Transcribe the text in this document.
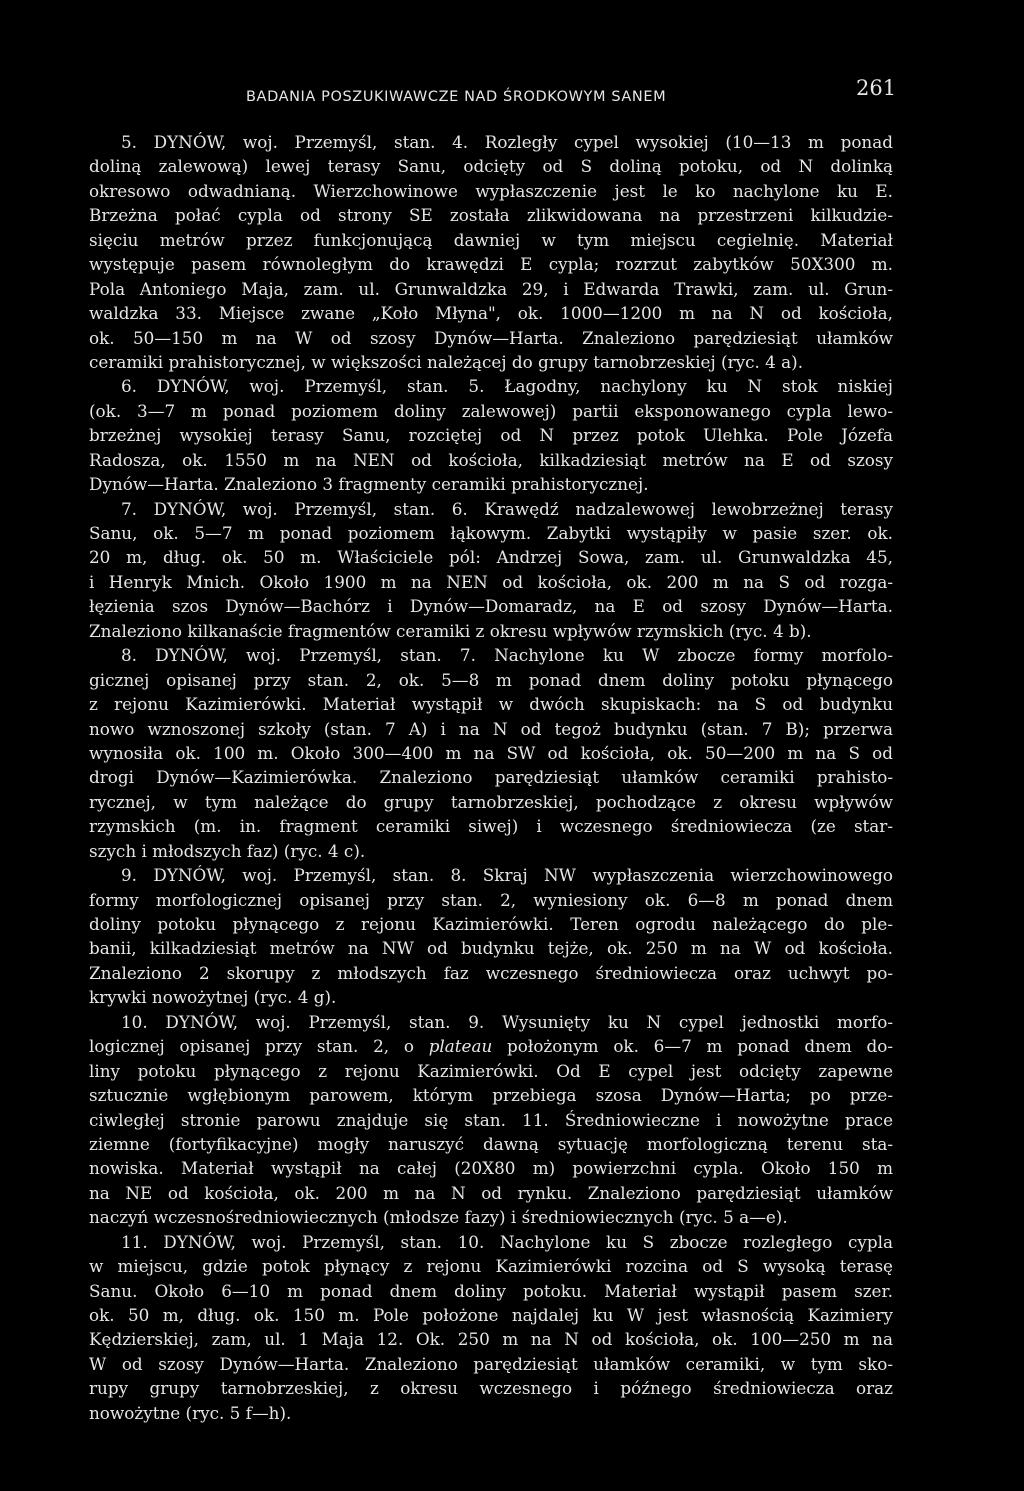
BADANIA POSZUKIWAWCZE NAD ŚRODKOWYM SANEM	261
5. DYNÓW, woj. Przemyśl, stan. 4. Rozległy cypel wysokiej (10—13 m ponad
doliną zalewową) lewej terasy Sanu, odcięty od S doliną potoku, od N dolinką
okresowo odwadnianą. Wierzchowinowe wypłaszczenie jest le ko nachylone ku E.
Brzeżna połać cypla od strony SE została zlikwidowana na przestrzeni kilkudzie-
sięciu metrów przez funkcjonującą dawniej w tym miejscu cegielnię. Materiał
występuje pasem równoległym do krawędzi E cypla; rozrzut zabytków 50X300 m.
Pola Antoniego Maja, zam. ul. Grunwaldzka 29, i Edwarda Trawki, zam. ul. Grun-
waldzka 33. Miejsce zwane „Koło Młyna", ok. 1000—1200 m na N od kościoła,
ok. 50—150 m na W od szosy Dynów—Harta. Znaleziono parędziesiąt ułamków
ceramiki prahistorycznej, w większości należącej do grupy tarnobrzeskiej (ryc. 4 a).
6. DYNÓW, woj. Przemyśl, stan. 5. Łagodny, nachylony ku N stok niskiej
(ok. 3—7 m ponad poziomem doliny zalewowej) partii eksponowanego cypla lewo-
brzeżnej wysokiej terasy Sanu, rozciętej od N przez potok Ulehka. Pole Józefa
Radosza, ok. 1550 m na NEN od kościoła, kilkadziesiąt metrów na E od szosy
Dynów—Harta. Znaleziono 3 fragmenty ceramiki prahistorycznej.
7. DYNÓW, woj. Przemyśl, stan. 6. Krawędź nadzalewowej lewobrzeżnej terasy
Sanu, ok. 5—7 m ponad poziomem łąkowym. Zabytki wystąpiły w pasie szer. ok.
20 m, dług. ok. 50 m. Właściciele pól: Andrzej Sowa, zam. ul. Grunwaldzka 45,
i Henryk Mnich. Około 1900 m na NEN od kościoła, ok. 200 m na S od rozga-
łęzienia szos Dynów—Bachórz i Dynów—Domaradz, na E od szosy Dynów—Harta.
Znaleziono kilkanaście fragmentów ceramiki z okresu wpływów rzymskich (ryc. 4 b).
8. DYNÓW, woj. Przemyśl, stan. 7. Nachylone ku W zbocze formy morfolo-
gicznej opisanej przy stan. 2, ok. 5—8 m ponad dnem doliny potoku płynącego
z rejonu Kazimierówki. Materiał wystąpił w dwóch skupiskach: na S od budynku
nowo wznoszonej szkoły (stan. 7 A) i na N od tegoż budynku (stan. 7 B); przerwa
wynosiła ok. 100 m. Około 300—400 m na SW od kościoła, ok. 50—200 m na S od
drogi Dynów—Kazimierówka. Znaleziono parędziesiąt ułamków ceramiki prahisto-
rycznej, w tym należące do grupy tarnobrzeskiej, pochodzące z okresu wpływów
rzymskich (m. in. fragment ceramiki siwej) i wczesnego średniowiecza (ze star-
szych i młodszych faz) (ryc. 4 c).
9. DYNÓW, woj. Przemyśl, stan. 8. Skraj NW wypłaszczenia wierzchowinowego
formy morfologicznej opisanej przy stan. 2, wyniesiony ok. 6—8 m ponad dnem
doliny potoku płynącego z rejonu Kazimierówki. Teren ogrodu należącego do ple-
banii, kilkadziesiąt metrów na NW od budynku tejże, ok. 250 m na W od kościoła.
Znaleziono 2 skorupy z młodszych faz wczesnego średniowiecza oraz uchwyt po-
krywki nowożytnej (ryc. 4 g).
10. DYNÓW, woj. Przemyśl, stan. 9. Wysunięty ku N cypel jednostki morfo-
logicznej opisanej przy stan. 2, o plateau położonym ok. 6—7 m ponad dnem do-
liny potoku płynącego z rejonu Kazimierówki. Od E cypel jest odcięty zapewne
sztucznie wgłębionym parowem, którym przebiega szosa Dynów—Harta; po prze-
ciwległej stronie parowu znajduje się stan. 11. Średniowieczne i nowożytne prace
ziemne (fortyfikacyjne) mogły naruszyć dawną sytuację morfologiczną terenu sta-
nowiska. Materiał wystąpił na całej (20X80 m) powierzchni cypla. Około 150 m
na NE od kościoła, ok. 200 m na N od rynku. Znaleziono parędziesiąt ułamków
naczyń wczesnośredniowiecznych (młodsze fazy) i średniowiecznych (ryc. 5 a—e).
11. DYNÓW, woj. Przemyśl, stan. 10. Nachylone ku S zbocze rozległego cypla
w miejscu, gdzie potok płynący z rejonu Kazimierówki rozcina od S wysoką terasę
Sanu. Około 6—10 m ponad dnem doliny potoku. Materiał wystąpił pasem szer.
ok. 50 m, dług. ok. 150 m. Pole położone najdalej ku W jest własnością Kazimiery
Kędzierskiej, zam, ul. 1 Maja 12. Ok. 250 m na N od kościoła, ok. 100—250 m na
W od szosy Dynów—Harta. Znaleziono parędziesiąt ułamków ceramiki, w tym sko-
rupy grupy tarnobrzeskiej, z okresu wczesnego i późnego średniowiecza oraz
nowożytne (ryc. 5 f—h).
